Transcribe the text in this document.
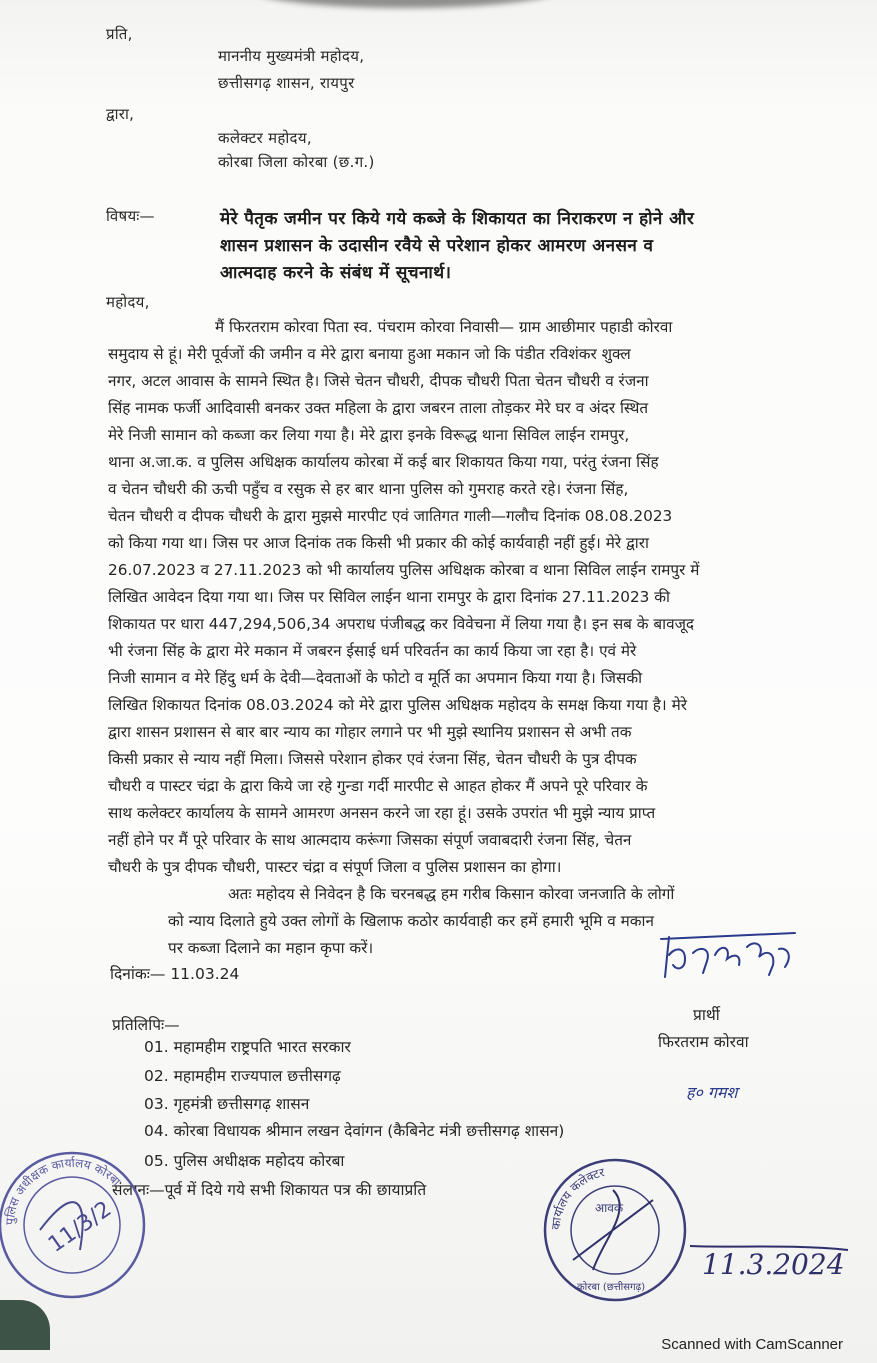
प्रति,
माननीय मुख्यमंत्री महोदय,
छत्तीसगढ़ शासन, रायपुर
द्वारा,
कलेक्टर महोदय,
कोरबा जिला कोरबा (छ.ग.)
विषयः—	मेरे पैतृक जमीन पर किये गये कब्जे के शिकायत का निराकरण न होने और
शासन प्रशासन के उदासीन रवैये से परेशान होकर आमरण अनसन व
आत्मदाह करने के संबंध में सूचनार्थ।
महोदय,
मैं फिरतराम कोरवा पिता स्व. पंचराम कोरवा निवासी— ग्राम आछीमार पहाडी कोरवा
समुदाय से हूं। मेरी पूर्वजों की जमीन व मेरे द्वारा बनाया हुआ मकान जो कि पंडीत रविशंकर शुक्ल
नगर, अटल आवास के सामने स्थित है। जिसे चेतन चौधरी, दीपक चौधरी पिता चेतन चौधरी व रंजना
सिंह नामक फर्जी आदिवासी बनकर उक्त महिला के द्वारा जबरन ताला तोड़कर मेरे घर व अंदर स्थित
मेरे निजी सामान को कब्जा कर लिया गया है। मेरे द्वारा इनके विरूद्ध थाना सिविल लाईन रामपुर,
थाना अ.जा.क. व पुलिस अधिक्षक कार्यालय कोरबा में कई बार शिकायत किया गया, परंतु रंजना सिंह
व चेतन चौधरी की ऊची पहुँच व रसुक से हर बार थाना पुलिस को गुमराह करते रहे। रंजना सिंह,
चेतन चौधरी व दीपक चौधरी के द्वारा मुझसे मारपीट एवं जातिगत गाली—गलौच दिनांक 08.08.2023
को किया गया था। जिस पर आज दिनांक तक किसी भी प्रकार की कोई कार्यवाही नहीं हुई। मेरे द्वारा
26.07.2023 व 27.11.2023 को भी कार्यालय पुलिस अधिक्षक कोरबा व थाना सिविल लाईन रामपुर में
लिखित आवेदन दिया गया था। जिस पर सिविल लाईन थाना रामपुर के द्वारा दिनांक 27.11.2023 की
शिकायत पर धारा 447,294,506,34 अपराध पंजीबद्ध कर विवेचना में लिया गया है। इन सब के बावजूद
भी रंजना सिंह के द्वारा मेरे मकान में जबरन ईसाई धर्म परिवर्तन का कार्य किया जा रहा है। एवं मेरे
निजी सामान व मेरे हिंदु धर्म के देवी—देवताओं के फोटो व मूर्ति का अपमान किया गया है। जिसकी
लिखित शिकायत दिनांक 08.03.2024 को मेरे द्वारा पुलिस अधिक्षक महोदय के समक्ष किया गया है। मेरे
द्वारा शासन प्रशासन से बार बार न्याय का गोहार लगाने पर भी मुझे स्थानिय प्रशासन से अभी तक
किसी प्रकार से न्याय नहीं मिला। जिससे परेशान होकर एवं रंजना सिंह, चेतन चौधरी के पुत्र दीपक
चौधरी व पास्टर चंद्रा के द्वारा किये जा रहे गुन्डा गर्दी मारपीट से आहत होकर मैं अपने पूरे परिवार के
साथ कलेक्टर कार्यालय के सामने आमरण अनसन करने जा रहा हूं। उसके उपरांत भी मुझे न्याय प्राप्त
नहीं होने पर मैं पूरे परिवार के साथ आत्मदाय करूंगा जिसका संपूर्ण जवाबदारी रंजना सिंह, चेतन
चौधरी के पुत्र दीपक चौधरी, पास्टर चंद्रा व संपूर्ण जिला व पुलिस प्रशासन का होगा।
अतः महोदय से निवेदन है कि चरनबद्ध हम गरीब किसान कोरवा जनजाति के लोगों
को न्याय दिलाते हुये उक्त लोगों के खिलाफ कठोर कार्यवाही कर हमें हमारी भूमि व मकान
पर कब्जा दिलाने का महान कृपा करें।
दिनांकः— 11.03.24
प्रार्थी
फिरतराम कोरवा
ह० गमश
प्रतिलिपिः—
01. महामहीम राष्ट्रपति भारत सरकार
02. महामहीम राज्यपाल छत्तीसगढ़
03. गृहमंत्री छत्तीसगढ़ शासन
04. कोरबा विधायक श्रीमान लखन देवांगन (कैबिनेट मंत्री छत्तीसगढ़ शासन)
05. पुलिस अधीक्षक महोदय कोरबा
संलग्नः—पूर्व में दिये गये सभी शिकायत पत्र की छायाप्रति
पुलिस अधीक्षक कार्यालय कोरबा
11/3/2	कार्यालय कलेक्टर
आवक
कोरबा (छत्तीसगढ़)
11.3.2024
Scanned with CamScanner
